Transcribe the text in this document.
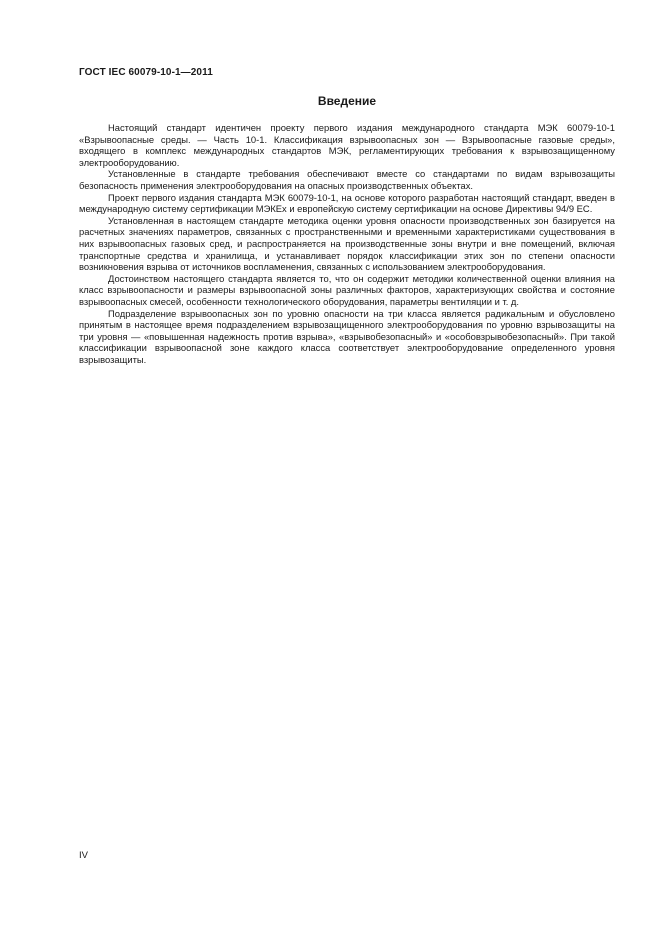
ГОСТ IEC 60079-10-1—2011
Введение

Настоящий стандарт идентичен проекту первого издания международного стандарта МЭК 60079-10-1 «Взрывоопасные среды. — Часть 10-1. Классификация взрывоопасных зон — Взрывоопасные газовые среды», входящего в комплекс международных стандартов МЭК, регламентирующих требования к взрывозащищенному электрооборудованию.

Установленные в стандарте требования обеспечивают вместе со стандартами по видам взрывозащиты безопасность применения электрооборудования на опасных производственных объектах.

Проект первого издания стандарта МЭК 60079-10-1, на основе которого разработан настоящий стандарт, введен в международную систему сертификации МЭКЕх и европейскую систему сертификации на основе Директивы 94/9 ЕС.

Установленная в настоящем стандарте методика оценки уровня опасности производственных зон базируется на расчетных значениях параметров, связанных с пространственными и временными характеристиками существования в них взрывоопасных газовых сред, и распространяется на производственные зоны внутри и вне помещений, включая транспортные средства и хранилища, и устанавливает порядок классификации этих зон по степени опасности возникновения взрыва от источников воспламенения, связанных с использованием электрооборудования.

Достоинством настоящего стандарта является то, что он содержит методики количественной оценки влияния на класс взрывоопасности и размеры взрывоопасной зоны различных факторов, характеризующих свойства и состояние взрывоопасных смесей, особенности технологического оборудования, параметры вентиляции и т. д.

Подразделение взрывоопасных зон по уровню опасности на три класса является радикальным и обусловлено принятым в настоящее время подразделением взрывозащищенного электрооборудования по уровню взрывозащиты на три уровня — «повышенная надежность против взрыва», «взрывобезопасный» и «особовзрывобезопасный». При такой классификации взрывоопасной зоне каждого класса соответствует электрооборудование определенного уровня взрывозащиты.

IV
